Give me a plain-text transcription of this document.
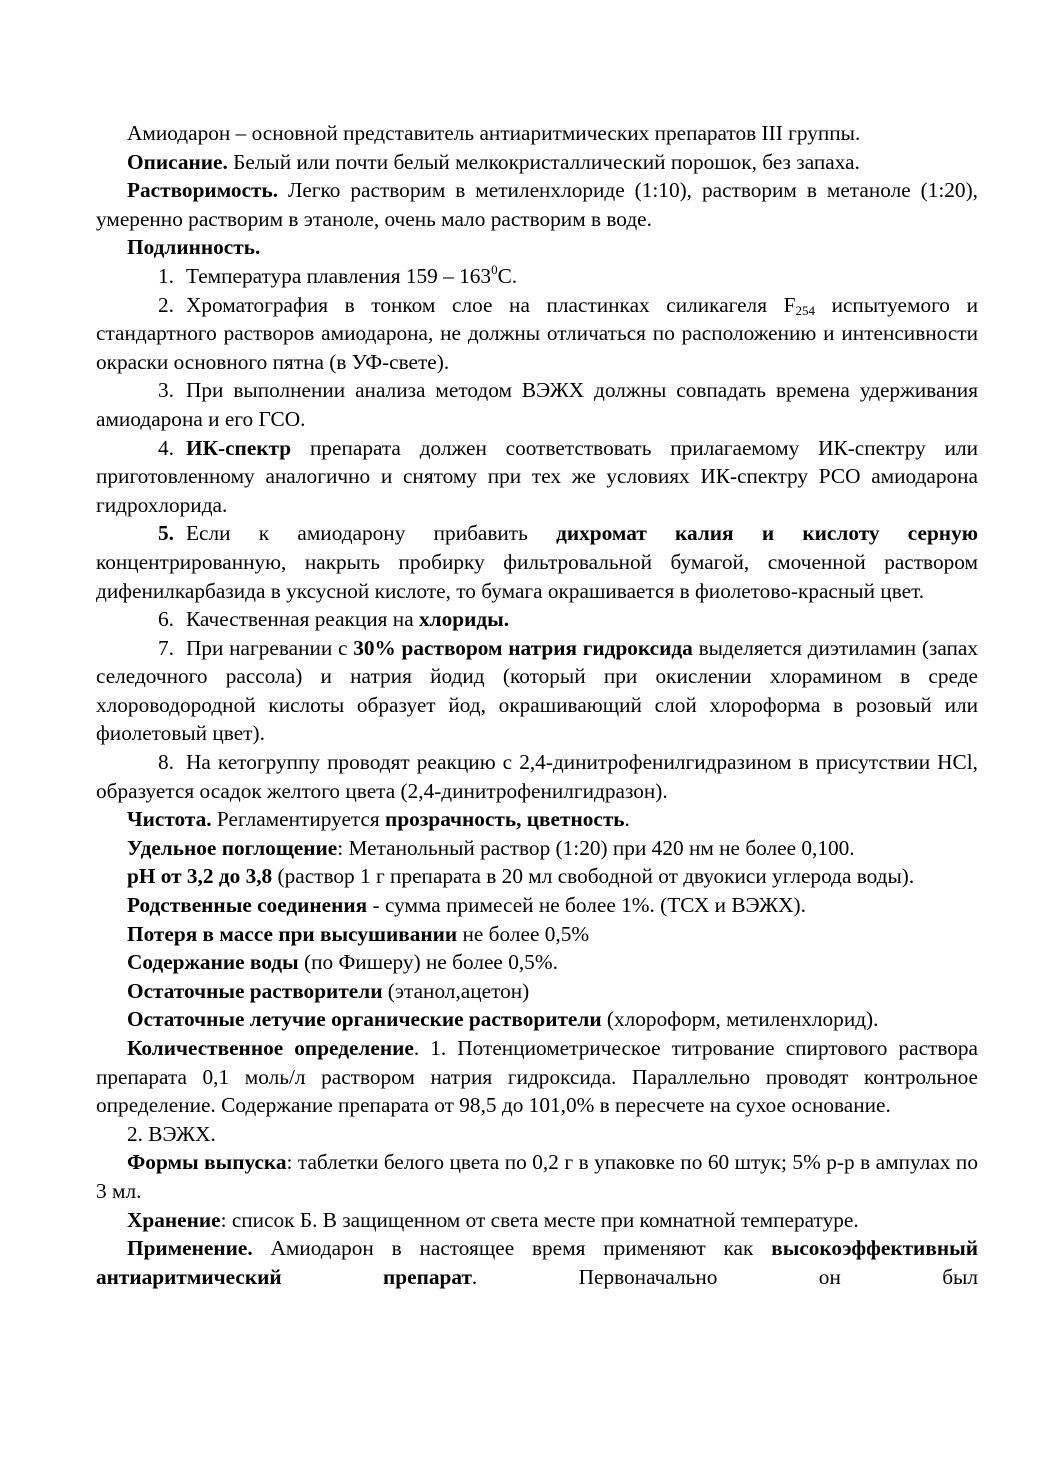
Амиодарон – основной представитель антиаритмических препаратов III группы.

Описание. Белый или почти белый мелкокристаллический порошок, без запаха.

Растворимость. Легко растворим в метиленхлориде (1:10), растворим в метаноле (1:20), умеренно растворим в этаноле, очень мало растворим в воде.

Подлинность.

1. Температура плавления $159 - 163^0С$.

2. Хроматография в тонком слое на пластинках силикагеля $F_{254}$ испытуемого и стандартного растворов амиодарона, не должны отличаться по расположению и интенсивности окраски основного пятна (в УФ-свете).

3. При выполнении анализа методом ВЭЖХ должны совпадать времена удерживания амиодарона и его ГСО.

4. ИК-спектр препарата должен соответствовать прилагаемому ИК-спектру или приготовленному аналогично и снятому при тех же условиях ИК-спектру РСО амиодарона гидрохлорида.

5. Если к амиодарону прибавить дихромат калия и кислоту серную концентрированную, накрыть пробирку фильтровальной бумагой, смоченной раствором дифенилкарбазида в уксусной кислоте, то бумага окрашивается в фиолетово-красный цвет.

6. Качественная реакция на хлориды.

7. При нагревании с 30% раствором натрия гидроксида выделяется диэтиламин (запах селедочного рассола) и натрия йодид (который при окислении хлорамином в среде хлороводородной кислоты образует йод, окрашивающий слой хлороформа в розовый или фиолетовый цвет).

8. На кетогруппу проводят реакцию с 2,4-динитрофенилгидразином в присутствии HCl, образуется осадок желтого цвета (2,4-динитрофенилгидразон).

Чистота. Регламентируется прозрачность, цветность.

Удельное поглощение: Метанольный раствор (1:20) при 420 нм не более 0,100.

pH от 3,2 до 3,8 (раствор 1 г препарата в 20 мл свободной от двуокиси углерода воды).

Родственные соединения - сумма примесей не более 1%. (ТСХ и ВЭЖХ).

Потеря в массе при высушивании не более 0,5%

Содержание воды (по Фишеру) не более 0,5%.

Остаточные растворители (этанол,ацетон)

Остаточные летучие органические растворители (хлороформ, метиленхлорид).

Количественное определение. 1. Потенциометрическое титрование спиртового раствора препарата 0,1 моль/л раствором натрия гидроксида. Параллельно проводят контрольное определение. Содержание препарата от 98,5 до 101,0% в пересчете на сухое основание.

2. ВЭЖХ.

Формы выпуска: таблетки белого цвета по 0,2 г в упаковке по 60 штук; 5% р-р в ампулах по 3 мл.

Хранение: список Б. В защищенном от света месте при комнатной температуре.

Применение. Амиодарон в настоящее время применяют как высокоэффективный антиаритмический препарат. Первоначально он был
